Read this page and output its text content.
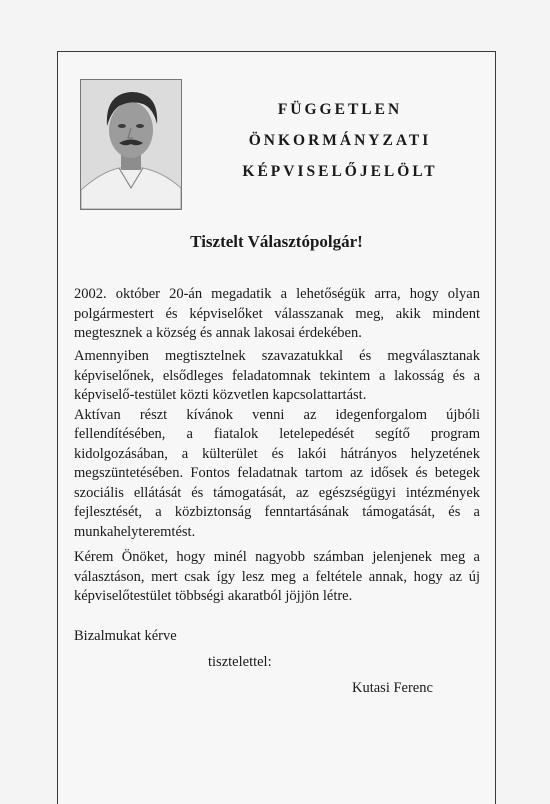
FÜGGETLEN
ÖNKORMÁNYZATI
KÉPVISELŐJELÖLT
Tisztelt Választópolgár!
2002. október 20-án megadatik a lehetőségük arra, hogy olyan polgármestert és képviselőket válasszanak meg, akik mindent megtesznek a község és annak lakosai érdekében.
Amennyiben megtisztelnek szavazatukkal és megválasztanak képviselőnek, elsődleges feladatomnak tekintem a lakosság és a képviselő-testület közti közvetlen kapcsolattartást.
Aktívan részt kívánok venni az idegenforgalom újbóli fellendítésében, a fiatalok letelepedését segítő program kidolgozásában, a külterület és lakói hátrányos helyzetének megszüntetésében. Fontos feladatnak tartom az idősek és betegek szociális ellátását és támogatását, az egészségügyi intézmények fejlesztését, a közbiztonság fenntartásának támogatását, és a munkahelyteremtést.
Kérem Önöket, hogy minél nagyobb számban jelenjenek meg a választáson, mert csak így lesz meg a feltétele annak, hogy az új képviselőtestület többségi akaratból jöjjön létre.
Bizalmukat kérve
tisztelettel:
Kutasi Ferenc
